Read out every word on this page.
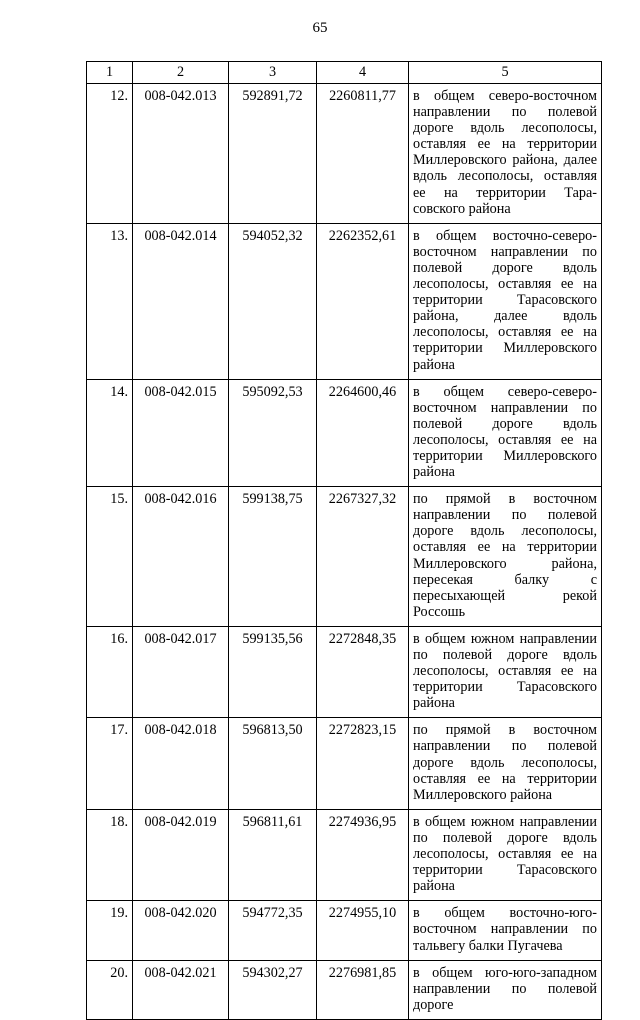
65
1	2	3	4	5
12.	008-042.013	592891,72	2260811,77	в общем северо-восточном направлении по полевой дороге вдоль лесополосы, оставляя ее на территории Миллеровского района, далее вдоль лесополосы, оставляя ее на территории Тарасовского района
13.	008-042.014	594052,32	2262352,61	в общем восточно-северо-восточном направлении по полевой дороге вдоль лесополосы, оставляя ее на территории Тарасовского района, далее вдоль лесополосы, оставляя ее на территории Миллеровского района
14.	008-042.015	595092,53	2264600,46	в общем северо-северо-восточном направлении по полевой дороге вдоль лесополосы, оставляя ее на территории Миллеровского района
15.	008-042.016	599138,75	2267327,32	по прямой в восточном направлении по полевой дороге вдоль лесополосы, оставляя ее на территории Миллеровского района, пересекая балку с пересыхающей рекой Россошь
16.	008-042.017	599135,56	2272848,35	в общем южном направлении по полевой дороге вдоль лесополосы, оставляя ее на территории Тарасовского района
17.	008-042.018	596813,50	2272823,15	по прямой в восточном направлении по полевой дороге вдоль лесополосы, оставляя ее на территории Миллеровского района
18.	008-042.019	596811,61	2274936,95	в общем южном направлении по полевой дороге вдоль лесополосы, оставляя ее на территории Тарасовского района
19.	008-042.020	594772,35	2274955,10	в общем восточно-юго-восточном направлении по тальвегу балки Пугачева
20.	008-042.021	594302,27	2276981,85	в общем юго-юго-западном направлении по полевой дороге
